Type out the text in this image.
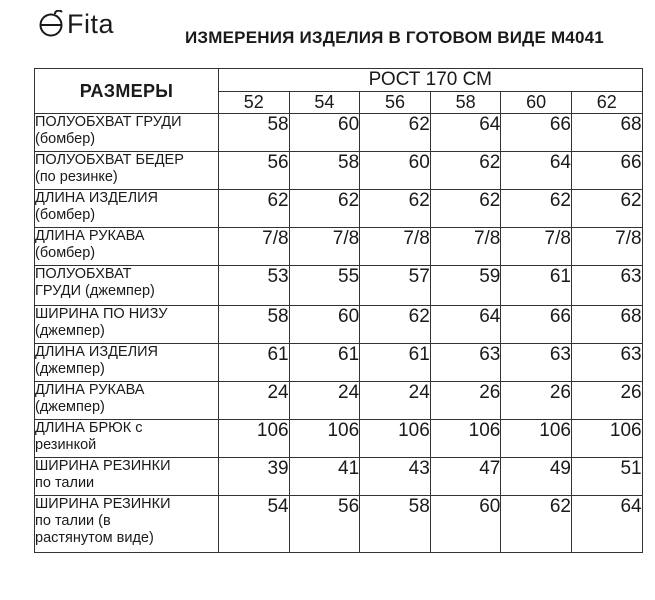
Fita	ИЗМЕРЕНИЯ ИЗДЕЛИЯ В ГОТОВОМ ВИДЕ М4041
РАЗМЕРЫ	РОСТ 170 СМ					
	52	54	56	58	60	62
ПОЛУОБХВАТ ГРУДИ
(бомбер)	58	60	62	64	66	68
ПОЛУОБХВАТ БЕДЕР
(по резинке)	56	58	60	62	64	66
ДЛИНА ИЗДЕЛИЯ
(бомбер)	62	62	62	62	62	62
ДЛИНА РУКАВА
(бомбер)	7/8	7/8	7/8	7/8	7/8	7/8
ПОЛУОБХВАТ
ГРУДИ (джемпер)	53	55	57	59	61	63
ШИРИНА ПО НИЗУ
(джемпер)	58	60	62	64	66	68
ДЛИНА ИЗДЕЛИЯ
(джемпер)	61	61	61	63	63	63
ДЛИНА РУКАВА
(джемпер)	24	24	24	26	26	26
ДЛИНА БРЮК с
резинкой	106	106	106	106	106	106
ШИРИНА РЕЗИНКИ
по талии	39	41	43	47	49	51
ШИРИНА РЕЗИНКИ
по талии (в
растянутом виде)	54	56	58	60	62	64
